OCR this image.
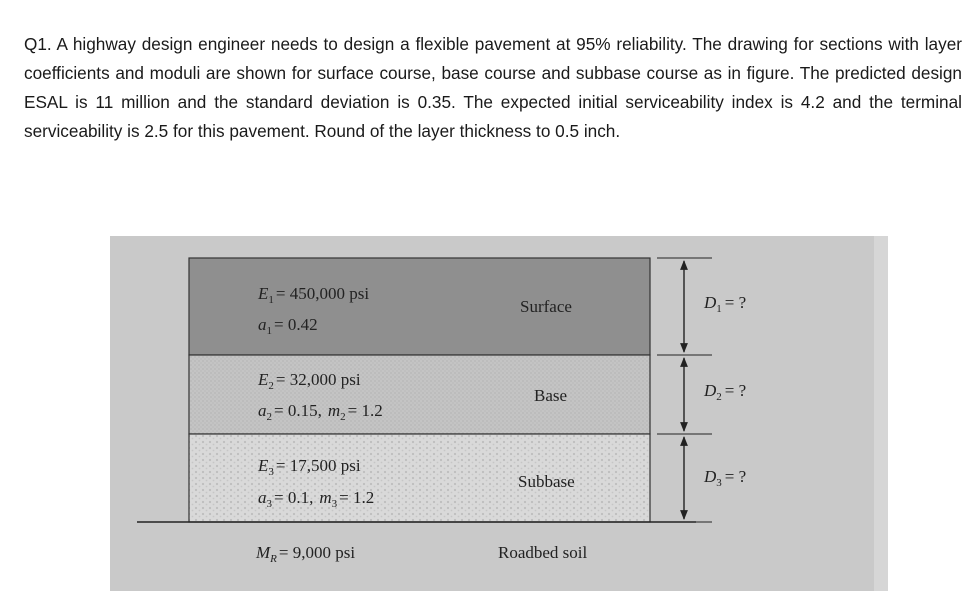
Q1. A highway design engineer needs to design a flexible pavement at 95% reliability. The drawing for sections with layer coefficients and moduli are shown for surface course, base course and subbase course as in figure. The predicted design ESAL is 11 million and the standard deviation is 0.35. The expected initial serviceability index is 4.2 and the terminal serviceability is 2.5 for this pavement. Round of the layer thickness to 0.5 inch.
$E_1 = 450,000$ psi
$a_1 = 0.42$
Surface	$D_1$ = ?
$E_2 = 32,000$ psi
$a_2 = 0.15$, $m_2 = 1.2$
Base	$D_2$ = ?
$E_3 = 17,500$ psi
$a_3 = 0.1$, $m_3 = 1.2$
Subbase	$D_3$ = ?
$M_R = 9,000$ psi	Roadbed soil
